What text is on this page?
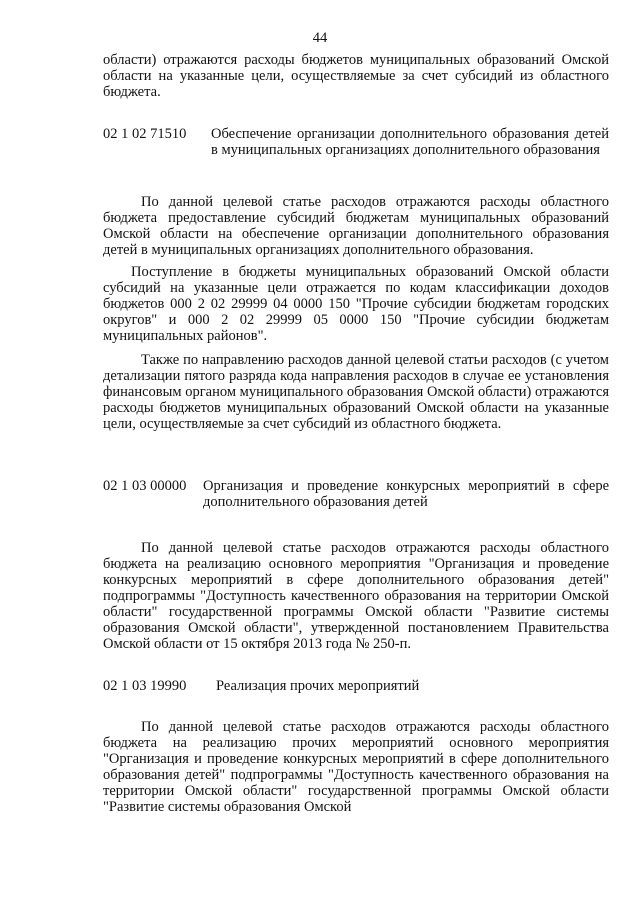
44
области) отражаются расходы бюджетов муниципальных образований Омской области на указанные цели, осуществляемые за счет субсидий из областного бюджета.
02 1 02 71510	Обеспечение организации дополнительного образования детей в муниципальных организациях дополнительного образования
По данной целевой статье расходов отражаются расходы областного бюджета предоставление субсидий бюджетам муниципальных образований Омской области на обеспечение организации дополнительного образования детей в муниципальных организациях дополнительного образования.
Поступление в бюджеты муниципальных образований Омской области субсидий на указанные цели отражается по кодам классификации доходов бюджетов 000 2 02 29999 04 0000 150 "Прочие субсидии бюджетам городских округов" и 000 2 02 29999 05 0000 150 "Прочие субсидии бюджетам муниципальных районов".
Также по направлению расходов данной целевой статьи расходов (с учетом детализации пятого разряда кода направления расходов в случае ее установления финансовым органом муниципального образования Омской области) отражаются расходы бюджетов муниципальных образований Омской области на указанные цели, осуществляемые за счет субсидий из областного бюджета.
02 1 03 00000	Организация и проведение конкурсных мероприятий в сфере дополнительного образования детей
По данной целевой статье расходов отражаются расходы областного бюджета на реализацию основного мероприятия "Организация и проведение конкурсных мероприятий в сфере дополнительного образования детей" подпрограммы "Доступность качественного образования на территории Омской области" государственной программы Омской области "Развитие системы образования Омской области", утвержденной постановлением Правительства Омской области от 15 октября 2013 года № 250-п.
02 1 03 19990	Реализация прочих мероприятий
По данной целевой статье расходов отражаются расходы областного бюджета на реализацию прочих мероприятий основного мероприятия "Организация и проведение конкурсных мероприятий в сфере дополнительного образования детей" подпрограммы "Доступность качественного образования на территории Омской области" государственной программы Омской области "Развитие системы образования Омской
